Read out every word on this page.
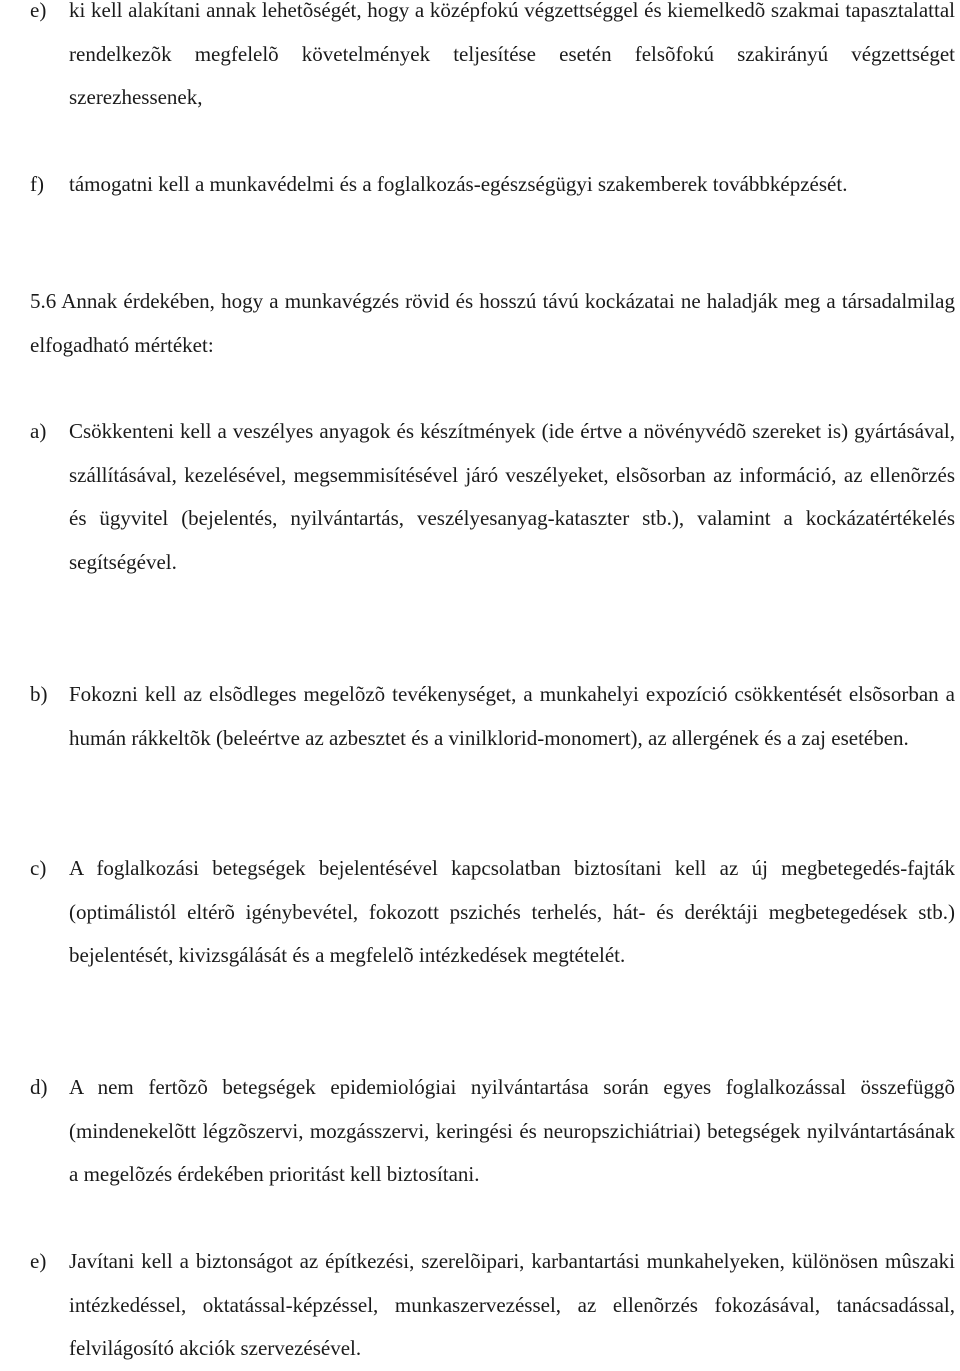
e)	ki kell alakítani annak lehetõségét, hogy a középfokú végzettséggel és kiemelkedõ szakmai tapasztalattal rendelkezõk megfelelõ követelmények teljesítése esetén felsõfokú szakirányú végzettséget szerezhessenek,
f)	támogatni kell a munkavédelmi és a foglalkozás-egészségügyi szakemberek továbbképzését.
5.6 Annak érdekében, hogy a munkavégzés rövid és hosszú távú kockázatai ne haladják meg a társadalmilag elfogadható mértéket:
a)	Csökkenteni kell a veszélyes anyagok és készítmények (ide értve a növényvédõ szereket is) gyártásával, szállításával, kezelésével, megsemmisítésével járó veszélyeket, elsõsorban az információ, az ellenõrzés és ügyvitel (bejelentés, nyilvántartás, veszélyesanyag-kataszter stb.), valamint a kockázatértékelés segítségével.
b)	Fokozni kell az elsõdleges megelõzõ tevékenységet, a munkahelyi expozíció csökkentését elsõsorban a humán rákkeltõk (beleértve az azbesztet és a vinilklorid-monomert), az allergének és a zaj esetében.
c)	A foglalkozási betegségek bejelentésével kapcsolatban biztosítani kell az új megbetegedés-fajták (optimálistól eltérõ igénybevétel, fokozott pszichés terhelés, hát- és deréktáji megbetegedések stb.) bejelentését, kivizsgálását és a megfelelõ intézkedések megtételét.
d)	A nem fertõzõ betegségek epidemiológiai nyilvántartása során egyes foglalkozással összefüggõ (mindenekelõtt légzõszervi, mozgásszervi, keringési és neuropszichiátriai) betegségek nyilvántartásának a megelõzés érdekében prioritást kell biztosítani.
e)	Javítani kell a biztonságot az építkezési, szerelõipari, karbantartási munkahelyeken, különösen mûszaki intézkedéssel, oktatással-képzéssel, munkaszervezéssel, az ellenõrzés fokozásával, tanácsadással, felvilágosító akciók szervezésével.
